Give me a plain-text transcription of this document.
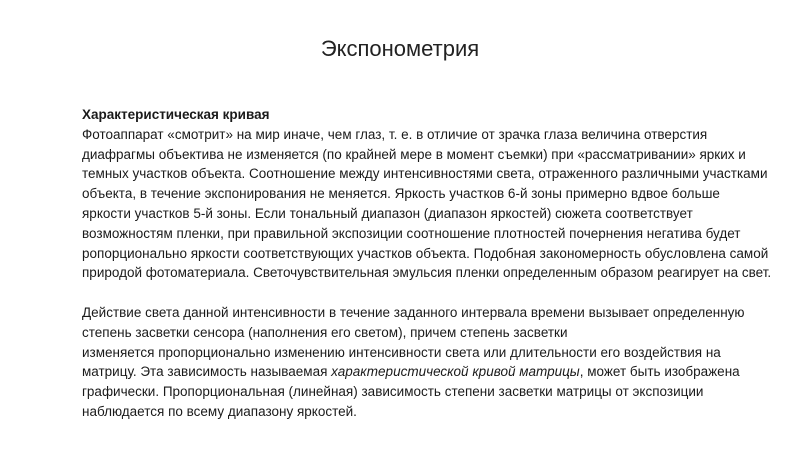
Экспонометрия
Характеристическая кривая

Фотоаппарат «смотрит» на мир иначе, чем глаз, т. е. в отличие от зрачка глаза величина отверстия диафрагмы объектива не изменяется (по крайней мере в момент съемки) при «рассматривании» ярких и темных участков объекта. Соотношение между интенсивностями света, отраженного различными участками объекта, в течение экспонирования не меняется. Яркость участков 6-й зоны примерно вдвое больше яркости участков 5-й зоны. Если тональный диапазон (диапазон яркостей) сюжета соответствует возможностям пленки, при правильной экспозиции соотношение плотностей почернения негатива будет ропорционально яркости соответствующих участков объекта. Подобная закономерность обусловлена самой природой фотоматериала. Светочувствительная эмульсия пленки определенным образом реагирует на свет.

Действие света данной интенсивности в течение заданного интервала времени вызывает определенную степень засветки сенсора (наполнения его светом), причем степень засветки
изменяется пропорционально изменению интенсивности света или длительности его воздействия на матрицу. Эта зависимость называемая характеристической кривой матрицы, может быть изображена графически. Пропорциональная (линейная) зависимость степени засветки матрицы от экспозиции наблюдается по всему диапазону яркостей.
